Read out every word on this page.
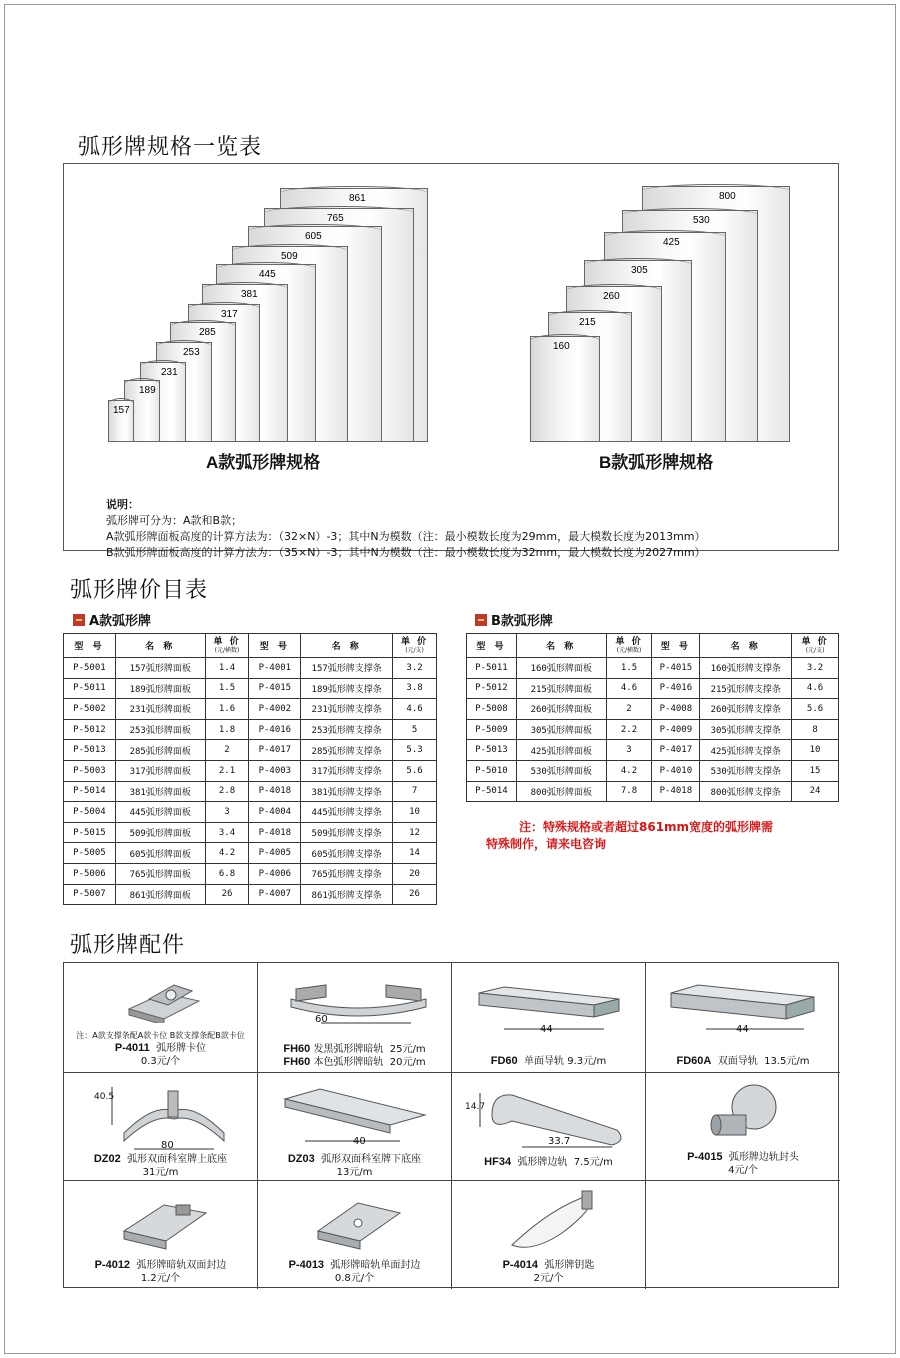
弧形牌规格一览表
157
189
231
253
285
317
381
445
509
605
765
861
160
215
260
305
425
530
800
A款弧形牌规格	B款弧形牌规格
说明：
弧形牌可分为：A款和B款；
A款弧形牌面板高度的计算方法为：（32×N）-3；其中N为模数（注：最小模数长度为29mm，最大模数长度为2013mm）
B款弧形牌面板高度的计算方法为：（35×N）-3；其中N为模数（注：最小模数长度为32mm，最大模数长度为2027mm）
弧形牌价目表
A款弧形牌	B款弧形牌
型 号	名 称	单 价
(元/横数)	型 号	名 称	单 价
(元/支)

P-5001	157弧形牌面板	1.4	P-4001	157弧形牌支撑条	3.2
P-5011	189弧形牌面板	1.5	P-4015	189弧形牌支撑条	3.8
P-5002	231弧形牌面板	1.6	P-4002	231弧形牌支撑条	4.6
P-5012	253弧形牌面板	1.8	P-4016	253弧形牌支撑条	5
P-5013	285弧形牌面板	2	P-4017	285弧形牌支撑条	5.3
P-5003	317弧形牌面板	2.1	P-4003	317弧形牌支撑条	5.6
P-5014	381弧形牌面板	2.8	P-4018	381弧形牌支撑条	7
P-5004	445弧形牌面板	3	P-4004	445弧形牌支撑条	10
P-5015	509弧形牌面板	3.4	P-4018	509弧形牌支撑条	12
P-5005	605弧形牌面板	4.2	P-4005	605弧形牌支撑条	14
P-5006	765弧形牌面板	6.8	P-4006	765弧形牌支撑条	20
P-5007	861弧形牌面板	26	P-4007	861弧形牌支撑条	26
型 号	名 称	单 价
(元/横数)	型 号	名 称	单 价
(元/支)

P-5011	160弧形牌面板	1.5	P-4015	160弧形牌支撑条	3.2
P-5012	215弧形牌面板	4.6	P-4016	215弧形牌支撑条	4.6
P-5008	260弧形牌面板	2	P-4008	260弧形牌支撑条	5.6
P-5009	305弧形牌面板	2.2	P-4009	305弧形牌支撑条	8
P-5013	425弧形牌面板	3	P-4017	425弧形牌支撑条	10
P-5010	530弧形牌面板	4.2	P-4010	530弧形牌支撑条	15
P-5014	800弧形牌面板	7.8	P-4018	800弧形牌支撑条	24
注：特殊规格或者超过861mm宽度的弧形牌需
特殊制作，请来电咨询
弧形牌配件
注：A款支撑条配A款卡位 B款支撑条配B款卡位
P-4011 弧形牌卡位
0.3元/个
60
FH60 发黑弧形牌暗轨 25元/m
FH60 本色弧形牌暗轨 20元/m
44
FD60 单面导轨 9.3元/m
44
FD60A 双面导轨 13.5元/m
40.5
80
DZ02 弧形双面科室牌上底座
31元/m
40
DZ03 弧形双面科室牌下底座
13元/m
14.7
33.7
HF34 弧形牌边轨 7.5元/m	P-4015 弧形牌边轨封头
4元/个
P-4012 弧形牌暗轨双面封边
1.2元/个
P-4013 弧形牌暗轨单面封边
0.8元/个
P-4014 弧形牌钥匙
2元/个
